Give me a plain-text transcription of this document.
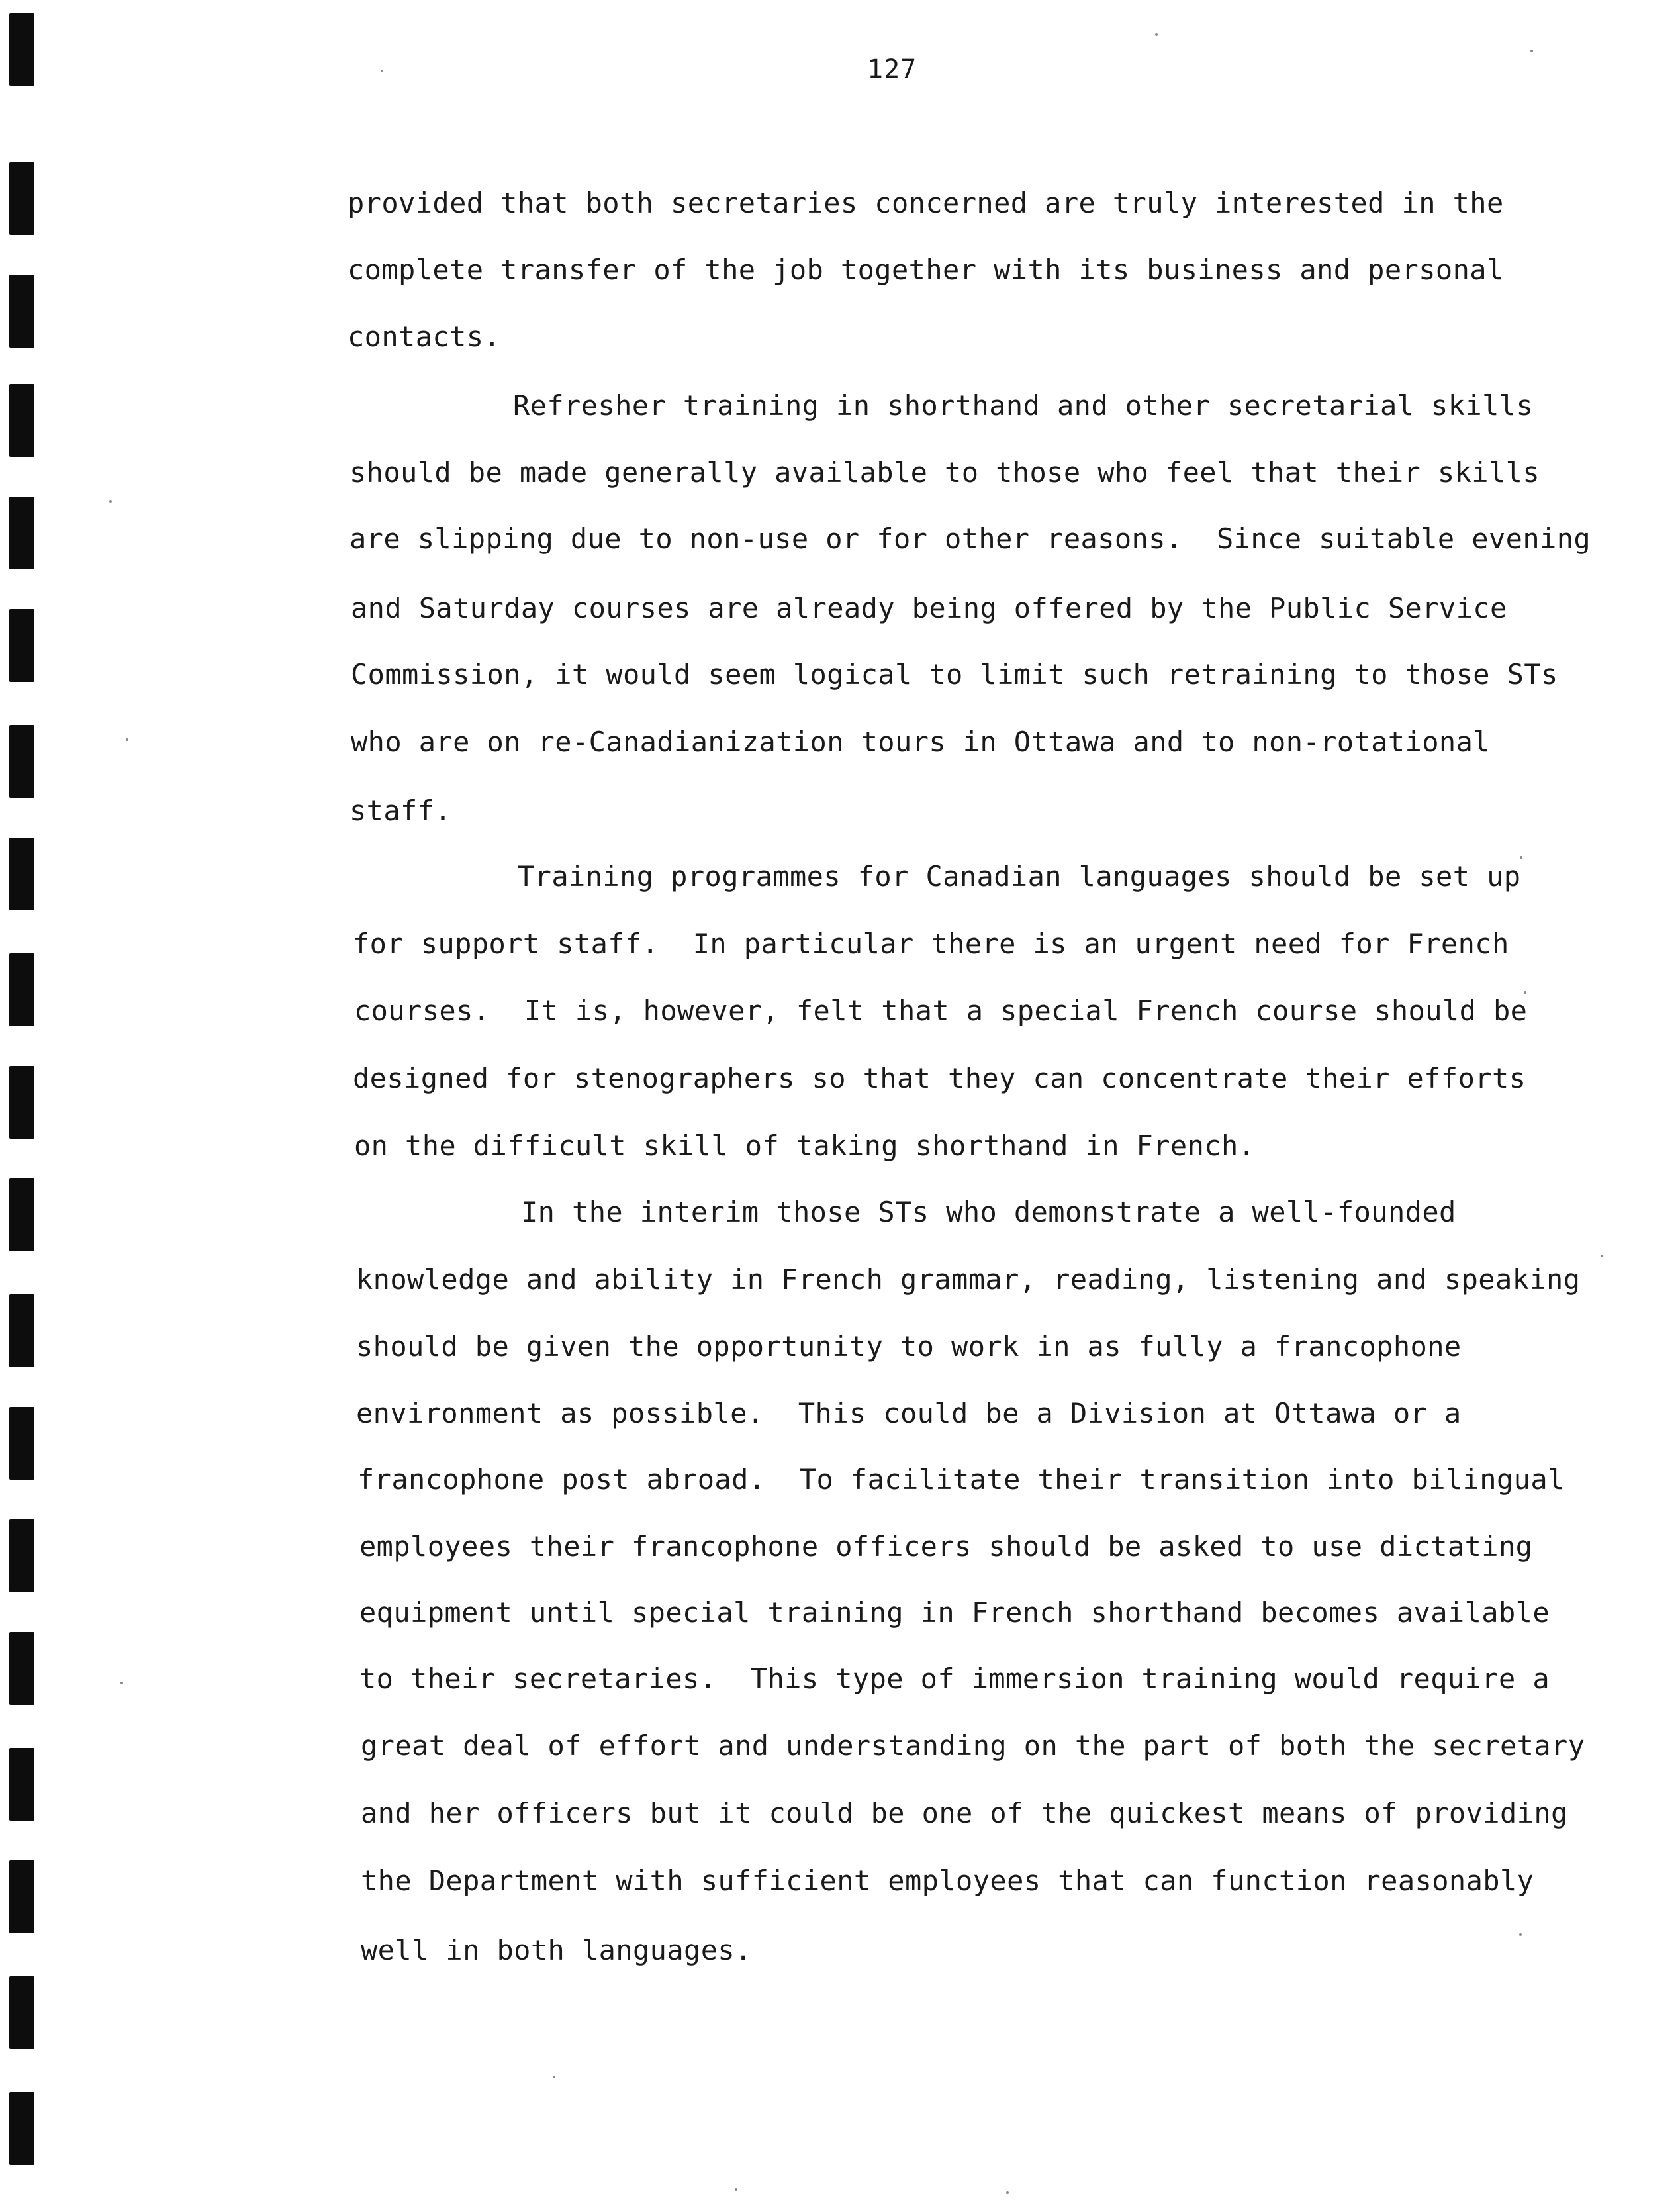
127
provided that both secretaries concerned are truly interested in the
complete transfer of the job together with its business and personal
contacts.
Refresher training in shorthand and other secretarial skills
should be made generally available to those who feel that their skills
are slipping due to non-use or for other reasons.  Since suitable evening
and Saturday courses are already being offered by the Public Service
Commission, it would seem logical to limit such retraining to those STs
who are on re-Canadianization tours in Ottawa and to non-rotational
staff.
Training programmes for Canadian languages should be set up
for support staff.  In particular there is an urgent need for French
courses.  It is, however, felt that a special French course should be
designed for stenographers so that they can concentrate their efforts
on the difficult skill of taking shorthand in French.
In the interim those STs who demonstrate a well-founded
knowledge and ability in French grammar, reading, listening and speaking
should be given the opportunity to work in as fully a francophone
environment as possible.  This could be a Division at Ottawa or a
francophone post abroad.  To facilitate their transition into bilingual
employees their francophone officers should be asked to use dictating
equipment until special training in French shorthand becomes available
to their secretaries.  This type of immersion training would require a
great deal of effort and understanding on the part of both the secretary
and her officers but it could be one of the quickest means of providing
the Department with sufficient employees that can function reasonably
well in both languages.
